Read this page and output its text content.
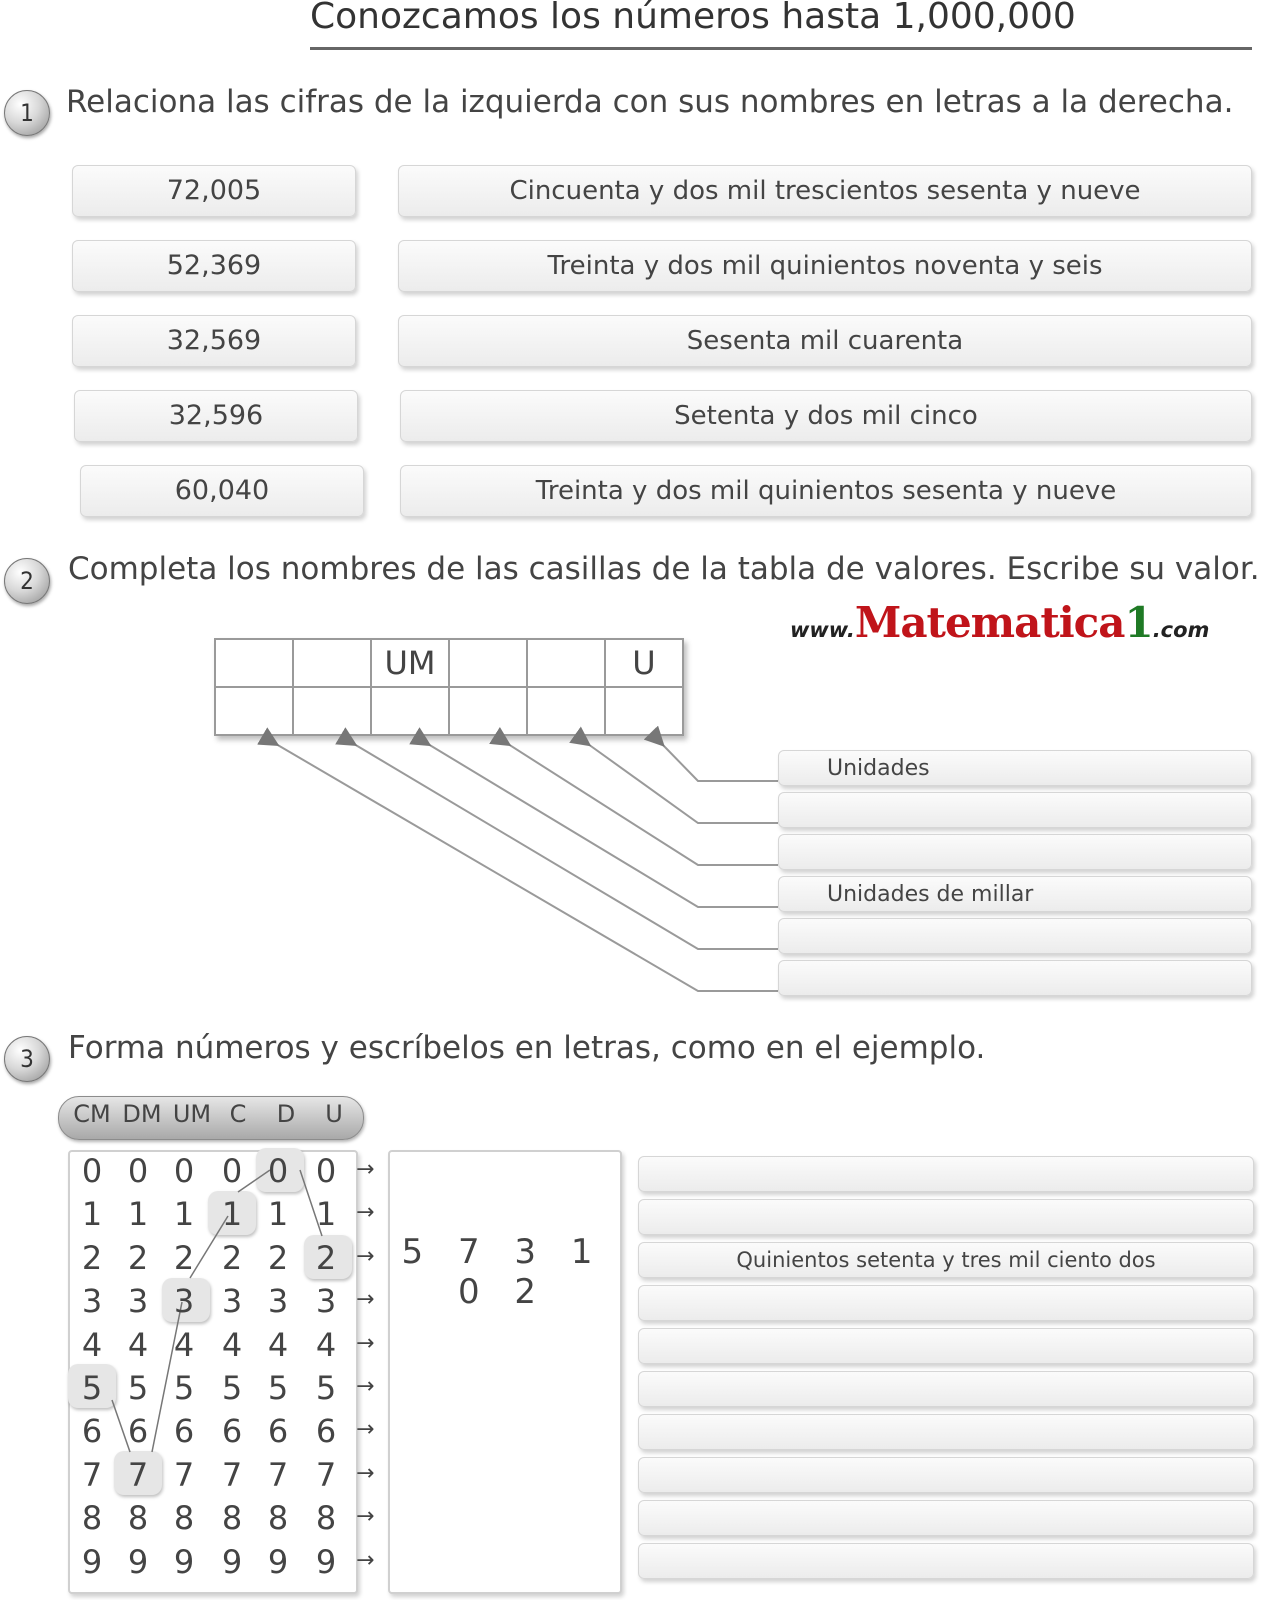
Conozcamos los números hasta 1,000,000
1	Relaciona las cifras de la izquierda con sus nombres en letras a la derecha.
72,005
52,369
32,569
32,596
60,040
Cincuenta y dos mil trescientos sesenta y nueve
Treinta y dos mil quinientos noventa y seis
Sesenta mil cuarenta
Setenta y dos mil cinco
Treinta y dos mil quinientos sesenta y nueve
2	Completa los nombres de las casillas de la tabla de valores. Escribe su valor.
www.Matematica1.com
		UM			U

Unidades
Unidades de millar
3	Forma números y escríbelos en letras, como en el ejemplo.
CM DM UM C	D	U
0 0 0 0 0 0 →
1 1 1 1 1 1 →
2 2 2 2 2 2 →
3 3 3 3 3 3 →
4 4 4 4 4 4 →
5 5 5 5 5 5 →
6 6 6 6 6 6 →
7 7 7 7 7 7 →
8 8 8 8 8 8 →
9 9 9 9 9 9 →
5 7 3 1 0 2
Quinientos setenta y tres mil ciento dos
